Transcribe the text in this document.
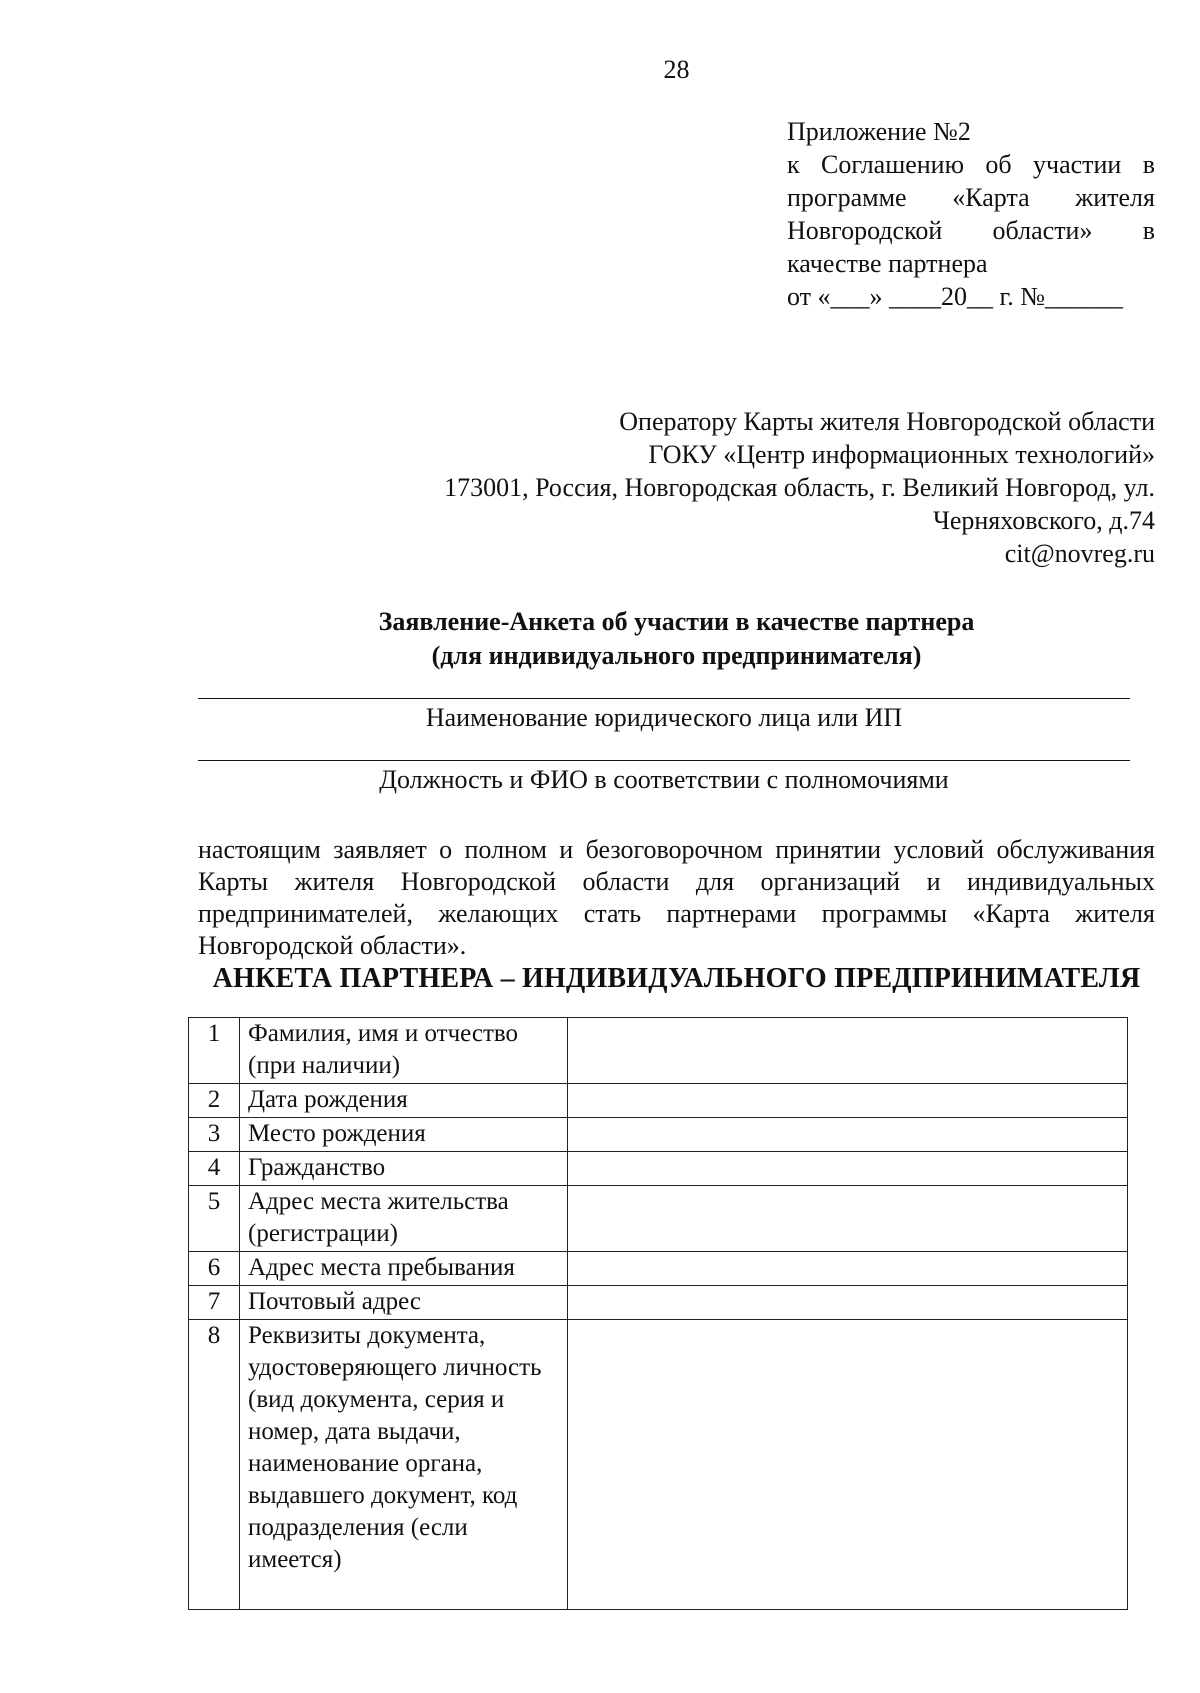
28
Приложение №2
к Соглашению об участии в
программе «Карта жителя
Новгородской области» в
качестве партнера
от «___» ____20__ г. №______
Оператору Карты жителя Новгородской области
ГОКУ «Центр информационных технологий»
173001, Россия, Новгородская область, г. Великий Новгород, ул.
Черняховского, д.74
cit@novreg.ru
Заявление-Анкета об участии в качестве партнера
(для индивидуального предпринимателя)
Наименование юридического лица или ИП
Должность и ФИО в соответствии с полномочиями
настоящим заявляет о полном и безоговорочном принятии условий обслуживания Карты жителя Новгородской области для организаций и индивидуальных предпринимателей, желающих стать партнерами программы «Карта жителя Новгородской области».
АНКЕТА ПАРТНЕРА – ИНДИВИДУАЛЬНОГО ПРЕДПРИНИМАТЕЛЯ
1	Фамилия, имя и отчество (при наличии)	
2	Дата рождения	
3	Место рождения	
4	Гражданство	
5	Адрес места жительства (регистрации)	
6	Адрес места пребывания	
7	Почтовый адрес	
8	Реквизиты документа, удостоверяющего личность (вид документа, серия и номер, дата выдачи, наименование органа, выдавшего документ, код подразделения (если имеется)	
